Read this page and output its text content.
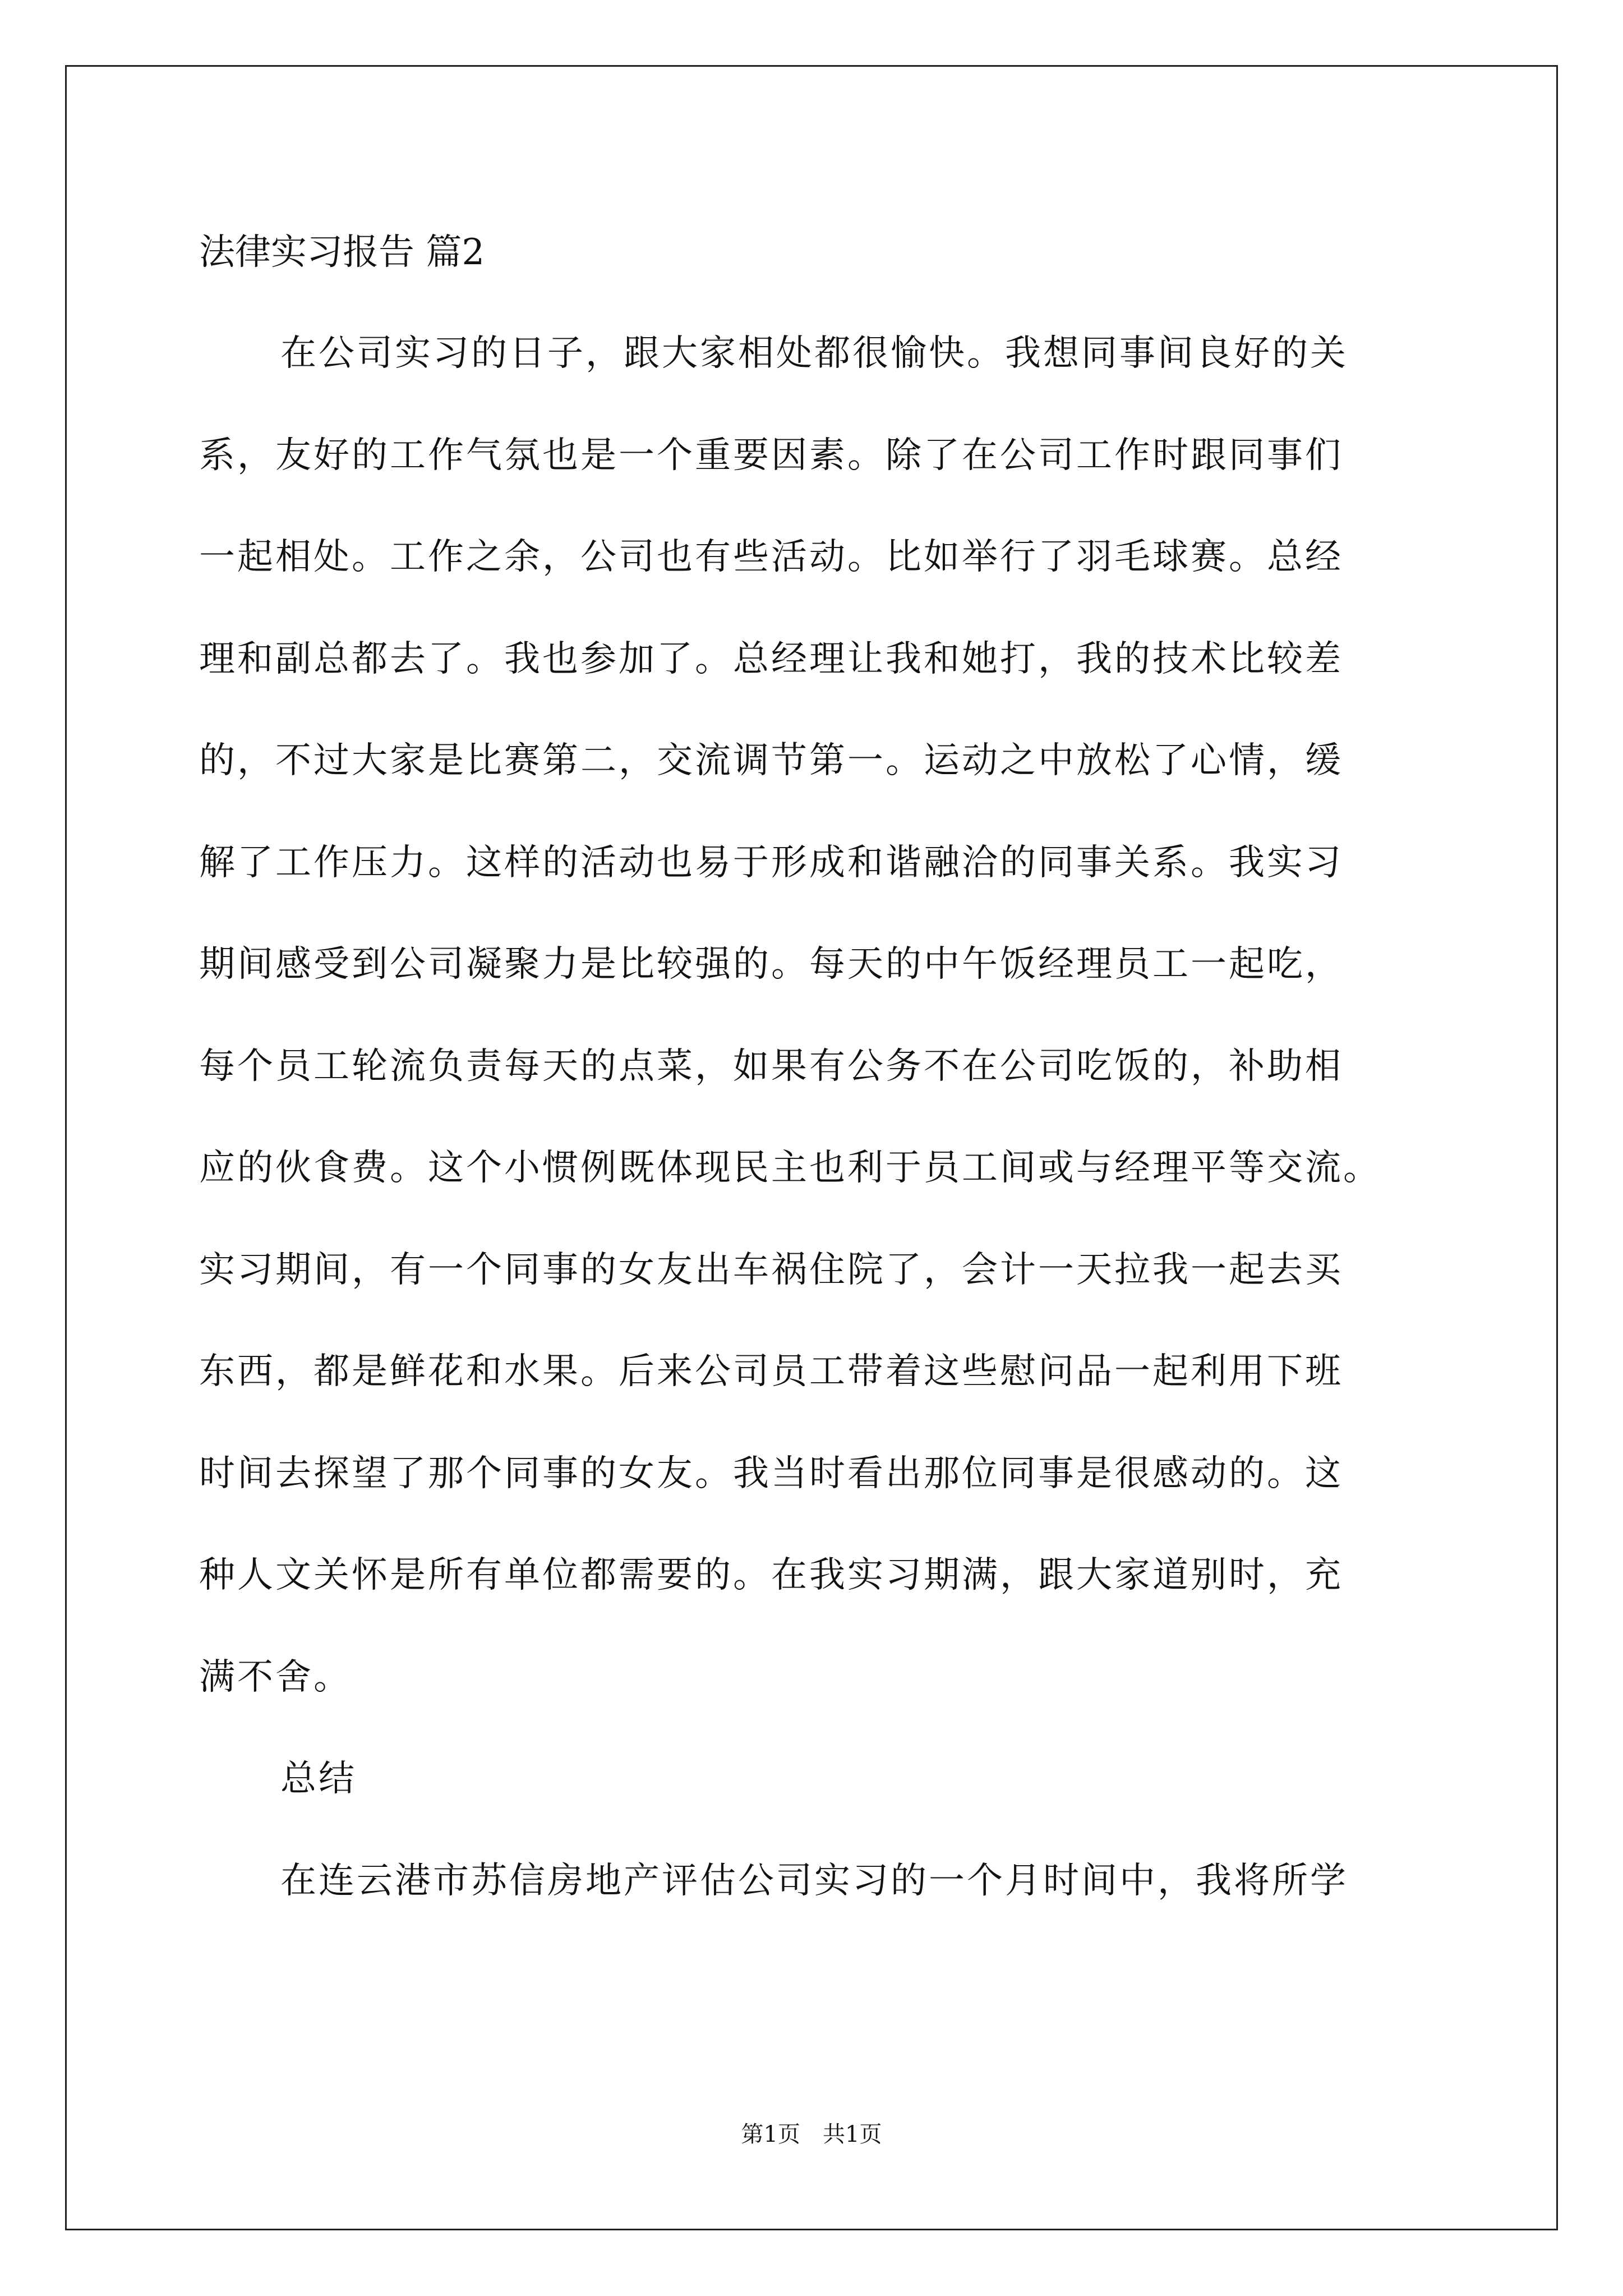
法律实习报告 篇2

在公司实习的日子，跟大家相处都很愉快。我想同事间良好的关

系，友好的工作气氛也是一个重要因素。除了在公司工作时跟同事们

一起相处。工作之余，公司也有些活动。比如举行了羽毛球赛。总经

理和副总都去了。我也参加了。总经理让我和她打，我的技术比较差

的，不过大家是比赛第二，交流调节第一。运动之中放松了心情，缓

解了工作压力。这样的活动也易于形成和谐融洽的同事关系。我实习

期间感受到公司凝聚力是比较强的。每天的中午饭经理员工一起吃，

每个员工轮流负责每天的点菜，如果有公务不在公司吃饭的，补助相

应的伙食费。这个小惯例既体现民主也利于员工间或与经理平等交流。

实习期间，有一个同事的女友出车祸住院了，会计一天拉我一起去买

东西，都是鲜花和水果。后来公司员工带着这些慰问品一起利用下班

时间去探望了那个同事的女友。我当时看出那位同事是很感动的。这

种人文关怀是所有单位都需要的。在我实习期满，跟大家道别时，充

满不舍。

总结

在连云港市苏信房地产评估公司实习的一个月时间中，我将所学

第1页　共1页
